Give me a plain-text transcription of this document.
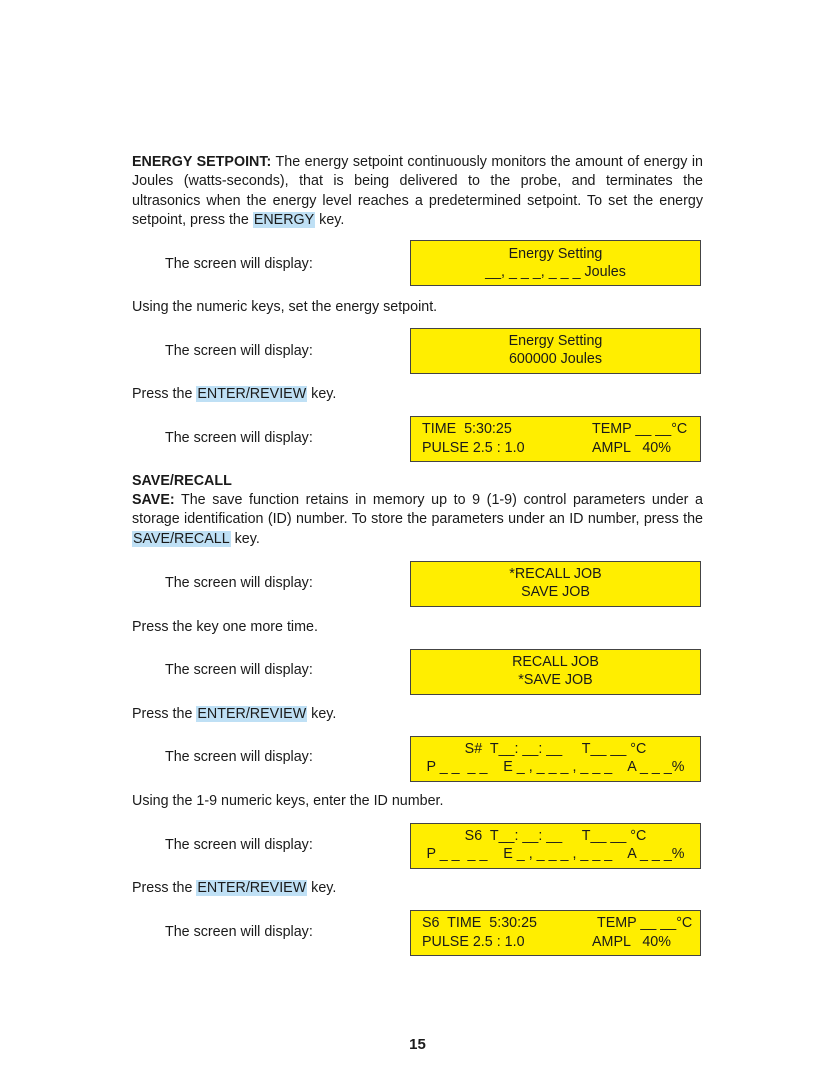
ENERGY SETPOINT: The energy setpoint continuously monitors the amount of energy in Joules (watts-seconds), that is being delivered to the probe, and terminates the ultrasonics when the energy level reaches a predetermined setpoint. To set the energy setpoint, press the ENERGY key.

The screen will display:
Energy Setting
__, _ _ _, _ _ _ Joules

Using the numeric keys, set the energy setpoint.

The screen will display:
Energy Setting
600000 Joules

Press the ENTER/REVIEW key.

The screen will display:
TIME  5:30:25	TEMP __ __°C
PULSE 2.5 : 1.0	AMPL   40%

SAVE/RECALL

SAVE: The save function retains in memory up to 9 (1-9) control parameters under a storage identification (ID) number. To store the parameters under an ID number, press the SAVE/RECALL key.

The screen will display:
*RECALL JOB
SAVE JOB

Press the key one more time.

The screen will display:	RECALL JOB
*SAVE JOB

Press the ENTER/REVIEW key.

The screen will display:	S#  T__: __: __     T__ __ °C
P _ _  _ _    E _ , _ _ _ , _ _ _    A _ _ _%

Using the 1-9 numeric keys, enter the ID number.

The screen will display:
S6  T__: __: __     T__ __ °C
P _ _  _ _    E _ , _ _ _ , _ _ _    A _ _ _%

Press the ENTER/REVIEW key.

The screen will display:
S6  TIME  5:30:25	TEMP __ __°C
PULSE 2.5 : 1.0	AMPL   40%
15
